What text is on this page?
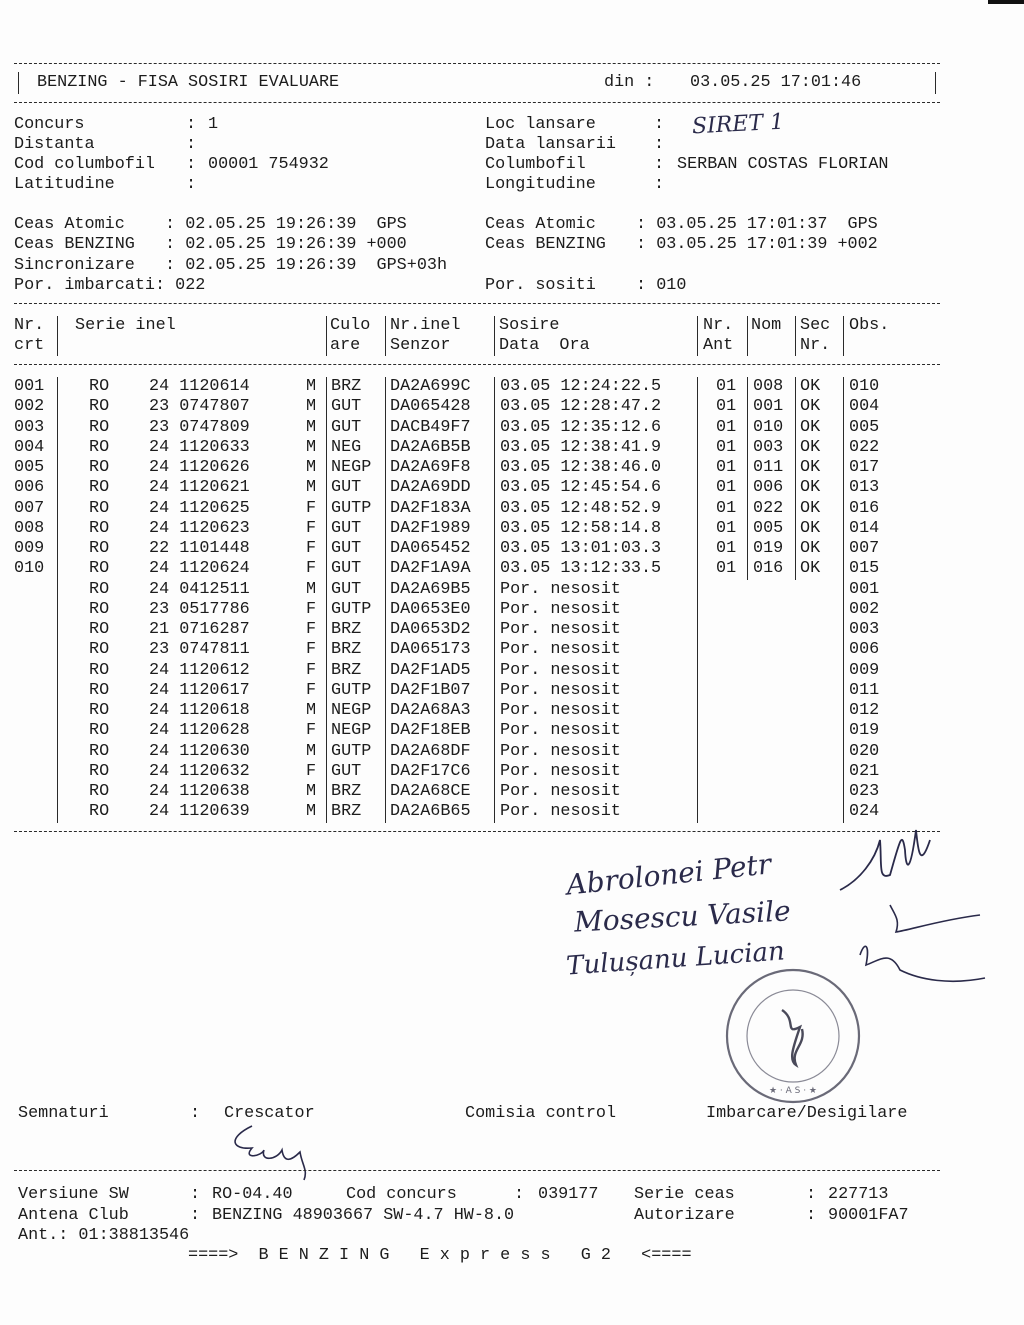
BENZING - FISA SOSIRI EVALUARE	din : 03.05.25 17:01:46
Concurs	: 1
Distanta	:
Cod columbofil : 00001 754932
Latitudine	:
Loc lansare	: SIRET 1
Data lansarii :
Columbofil	: SERBAN COSTAS FLORIAN
Longitudine	:
Ceas Atomic    : 02.05.25 19:26:39  GPS
Ceas BENZING   : 02.05.25 19:26:39 +000
Sincronizare   : 02.05.25 19:26:39  GPS+03h
Por. imbarcati: 022
Ceas Atomic    : 03.05.25 17:01:37  GPS
Ceas BENZING   : 03.05.25 17:01:39 +002
Por. sositi    : 010
Nr.
crt
Serie inel	Culo
are
Nr.inel
Senzor
Sosire
Data  Ora
Nr.
Ant
Nom Sec
Nr.
Obs.
001	RO 24 1120614	M BRZ DA2A699C 03.05 12:24:22.5	01 008 OK 010
002	RO 23 0747807	M GUT DA065428 03.05 12:28:47.2	01 001 OK 004
003	RO 23 0747809	M GUT DACB49F7 03.05 12:35:12.6	01 010 OK 005
004	RO 24 1120633	M NEG DA2A6B5B 03.05 12:38:41.9	01 003 OK 022
005	RO 24 1120626	M NEGP DA2A69F8 03.05 12:38:46.0	01 011 OK 017
006	RO 24 1120621	M GUT DA2A69DD 03.05 12:45:54.6	01 006 OK 013
007	RO 24 1120625	F GUTP DA2F183A 03.05 12:48:52.9	01 022 OK 016
008	RO 24 1120623	F GUT DA2F1989 03.05 12:58:14.8	01 005 OK 014
009	RO 22 1101448	F GUT DA065452 03.05 13:01:03.3	01 019 OK 007
010	RO 24 1120624	F GUT DA2F1A9A 03.05 13:12:33.5	01 016 OK 015
RO 24 0412511	M GUT DA2A69B5 Por. nesosit	001
RO 23 0517786	F GUTP DA0653E0 Por. nesosit	002
RO 21 0716287	F BRZ DA0653D2 Por. nesosit	003
RO 23 0747811	F BRZ DA065173 Por. nesosit	006
RO 24 1120612	F BRZ DA2F1AD5 Por. nesosit	009
RO 24 1120617	F GUTP DA2F1B07 Por. nesosit	011
RO 24 1120618	M NEGP DA2A68A3 Por. nesosit	012
RO 24 1120628	F NEGP DA2F18EB Por. nesosit	019
RO 24 1120630	M GUTP DA2A68DF Por. nesosit	020
RO 24 1120632	F GUT DA2F17C6 Por. nesosit	021
RO 24 1120638	M BRZ DA2A68CE Por. nesosit	023
RO 24 1120639	M BRZ DA2A6B65 Por. nesosit	024
Abrolonei Petr
Mosescu Vasile
Tulușanu Lucian
★ · A S · ★
Semnaturi	: Crescator	Comisia control	Imbarcare/Desigilare
Versiune SW	: RO-04.40	Cod concurs	: 039177 Serie ceas	: 227713
Antena Club	: BENZING 48903667 SW-4.7 HW-8.0	Autorizare	: 90001FA7
Ant.: 01:38813546
====>  B E N Z I N G   E x p r e s s   G 2   <====
